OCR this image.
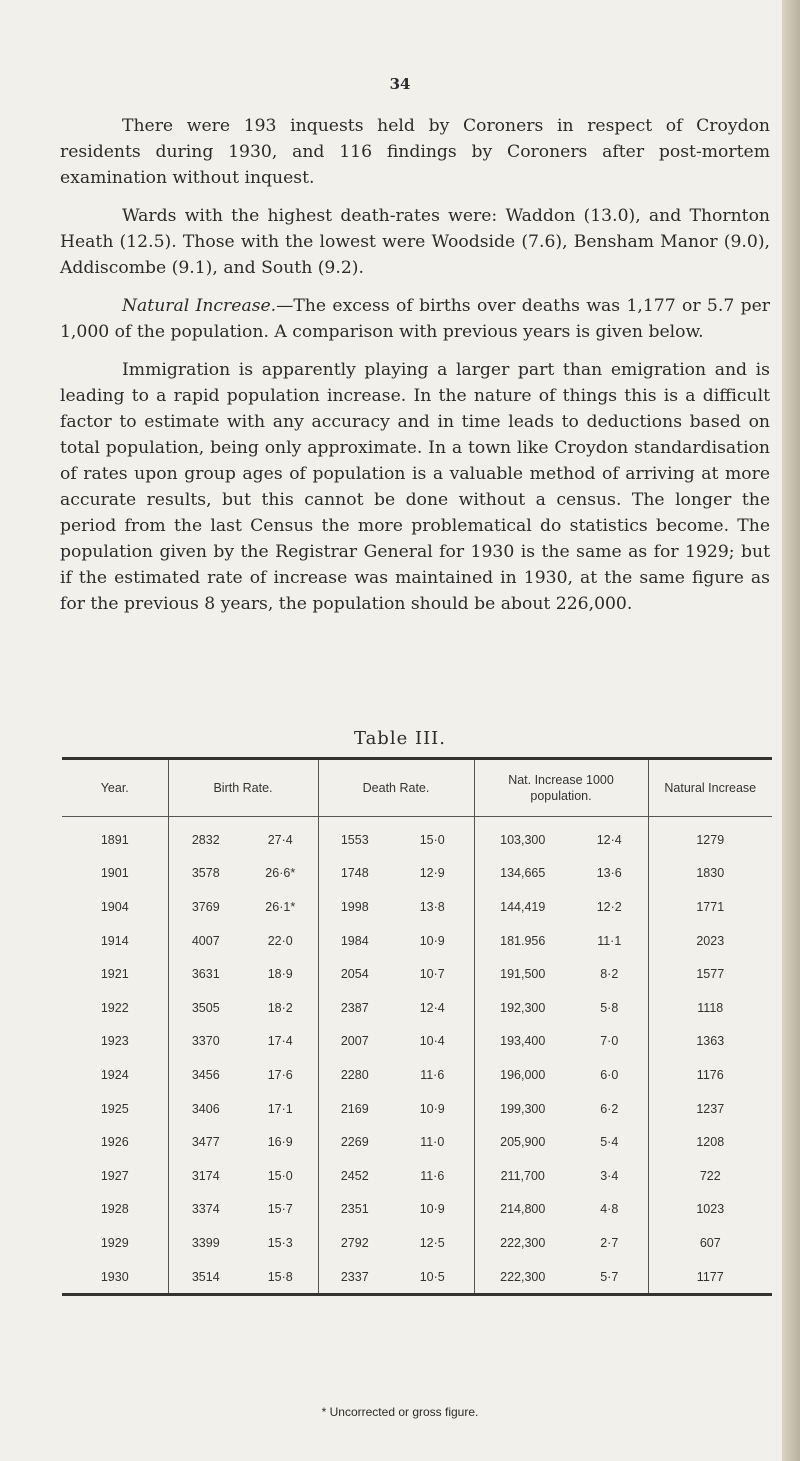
34

There were 193 inquests held by Coroners in respect of Croydon residents during 1930, and 116 findings by Coroners after post-mortem examination without inquest.

Wards with the highest death-rates were: Waddon (13.0), and Thornton Heath (12.5). Those with the lowest were Woodside (7.6), Bensham Manor (9.0), Addiscombe (9.1), and South (9.2).

Natural Increase.—The excess of births over deaths was 1,177 or 5.7 per 1,000 of the population. A comparison with previous years is given below.

Immigration is apparently playing a larger part than emigration and is leading to a rapid population increase. In the nature of things this is a difficult factor to estimate with any accuracy and in time leads to deductions based on total population, being only approximate. In a town like Croydon standardisation of rates upon group ages of population is a valuable method of arriving at more accurate results, but this cannot be done without a census. The longer the period from the last Census the more problematical do statistics become. The population given by the Registrar General for 1930 is the same as for 1929; but if the estimated rate of increase was maintained in 1930, at the same figure as for the previous 8 years, the population should be about 226,000.

Table III.
Year.	Birth Rate.		Death Rate.		Nat. Increase 1000 population.		Natural Increase
1891	2832	27·4	1553	15·0	103,300	12·4	1279
1901	3578	26·6*	1748	12·9	134,665	13·6	1830
1904	3769	26·1*	1998	13·8	144,419	12·2	1771
1914	4007	22·0	1984	10·9	181.956	11·1	2023
1921	3631	18·9	2054	10·7	191,500	8·2	1577
1922	3505	18·2	2387	12·4	192,300	5·8	1118
1923	3370	17·4	2007	10·4	193,400	7·0	1363
1924	3456	17·6	2280	11·6	196,000	6·0	1176
1925	3406	17·1	2169	10·9	199,300	6·2	1237
1926	3477	16·9	2269	11·0	205,900	5·4	1208
1927	3174	15·0	2452	11·6	211,700	3·4	722
1928	3374	15·7	2351	10·9	214,800	4·8	1023
1929	3399	15·3	2792	12·5	222,300	2·7	607
1930	3514	15·8	2337	10·5	222,300	5·7	1177
* Uncorrected or gross figure.
